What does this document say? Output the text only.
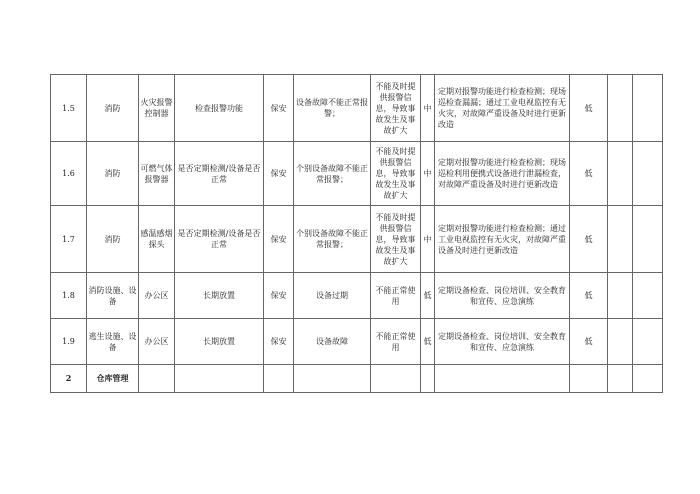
1.5	消防	火灾报警控制器	检查报警功能	保安	设备故障不能正常报警；	不能及时提供报警信息，导致事故发生及事故扩大	中	定期对报警功能进行检查检测；现场巡检查漏漏；通过工业电视监控有无火灾，对故障严重设备及时进行更新改造	低		
1.6	消防	可燃气体报警器	是否定期检测/设备是否正常	保安	个别设备故障不能正常报警；	不能及时提供报警信息，导致事故发生及事故扩大	中	定期对报警功能进行检查检测；现场巡检利用便携式设备进行泄漏检查，对故障严重设备及时进行更新改造	低		
1.7	消防	感温感烟探头	是否定期检测/设备是否正常	保安	个别设备故障不能正常报警；	不能及时提供报警信息，导致事故发生及事故扩大	中	定期对报警功能进行检查检测；通过工业电视监控有无火灾，对故障严重设备及时进行更新改造	低		
1.8	消防设施、设备	办公区	长期放置	保安	设备过期	不能正常使用	低	定期设备检查、岗位培训、安全教育和宣传、应急演练	低		
1.9	逃生设施、设备	办公区	长期放置	保安	设备故障	不能正常使用	低	定期设备检查、岗位培训、安全教育和宣传、应急演练	低		
2	仓库管理										
